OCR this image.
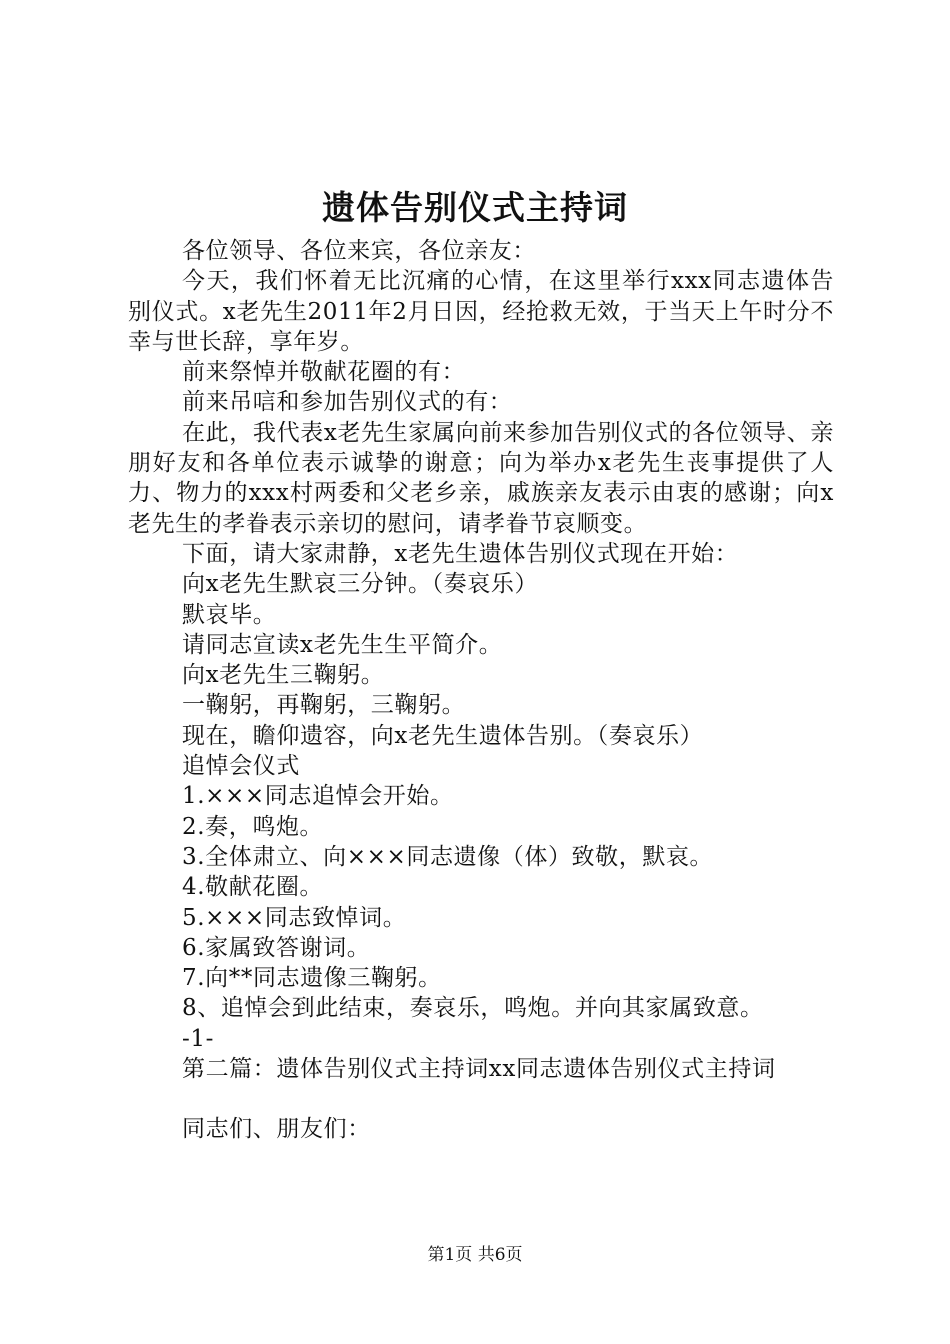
遗体告别仪式主持词

各位领导、各位来宾，各位亲友：

今天，我们怀着无比沉痛的心情，在这里举行xxx同志遗体告别仪式。x老先生2011年2月日因，经抢救无效，于当天上午时分不幸与世长辞，享年岁。

前来祭悼并敬献花圈的有：

前来吊唁和参加告别仪式的有：

在此，我代表x老先生家属向前来参加告别仪式的各位领导、亲朋好友和各单位表示诚挚的谢意；向为举办x老先生丧事提供了人力、物力的xxx村两委和父老乡亲，戚族亲友表示由衷的感谢；向x老先生的孝眷表示亲切的慰问，请孝眷节哀顺变。

下面，请大家肃静，x老先生遗体告别仪式现在开始：

向x老先生默哀三分钟。（奏哀乐）

默哀毕。

请同志宣读x老先生生平简介。

向x老先生三鞠躬。

一鞠躬，再鞠躬，三鞠躬。

现在，瞻仰遗容，向x老先生遗体告别。（奏哀乐）

追悼会仪式

1.×××同志追悼会开始。

2.奏，鸣炮。

3.全体肃立、向×××同志遗像（体）致敬，默哀。

4.敬献花圈。

5.×××同志致悼词。

6.家属致答谢词。

7.向**同志遗像三鞠躬。

8、追悼会到此结束，奏哀乐，鸣炮。并向其家属致意。

-1-

第二篇：遗体告别仪式主持词xx同志遗体告别仪式主持词

同志们、朋友们：

第1页 共6页
